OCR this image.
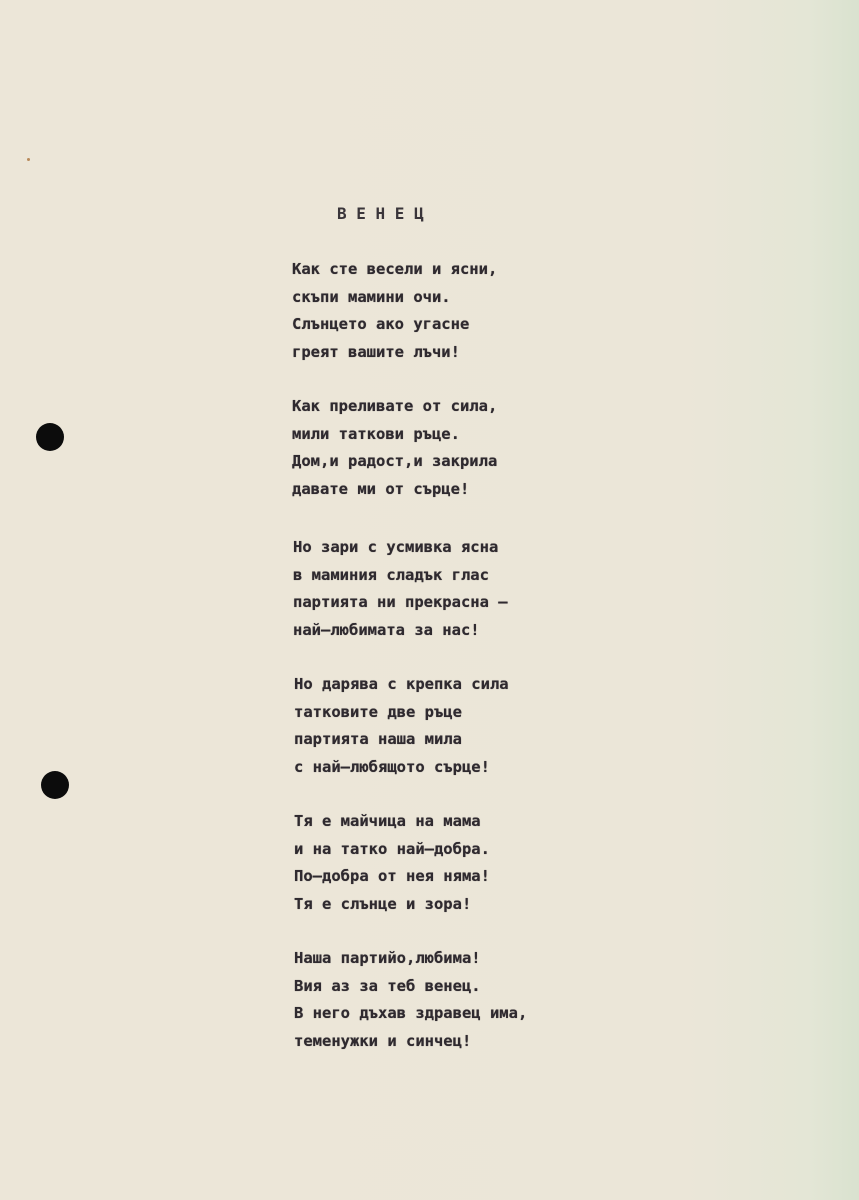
В Е Н Е Ц
Как сте весели и ясни,
скъпи мамини очи.
Слънцето ако угасне
греят вашите лъчи!
Как преливате от сила,
мили таткови ръце.
Дом,и радост,и закрила
давате ми от сърце!
Но зари с усмивка ясна
в маминия сладък глас
партията ни прекрасна –
най–любимата за нас!
Но дарява с крепка сила
татковите две ръце
партията наша мила
с най–любящото сърце!
Тя е майчица на мама
и на татко най–добра.
По–добра от нея няма!
Тя е слънце и зора!
Наша партийо,любима!
Вия аз за теб венец.
В него дъхав здравец има,
теменужки и синчец!
